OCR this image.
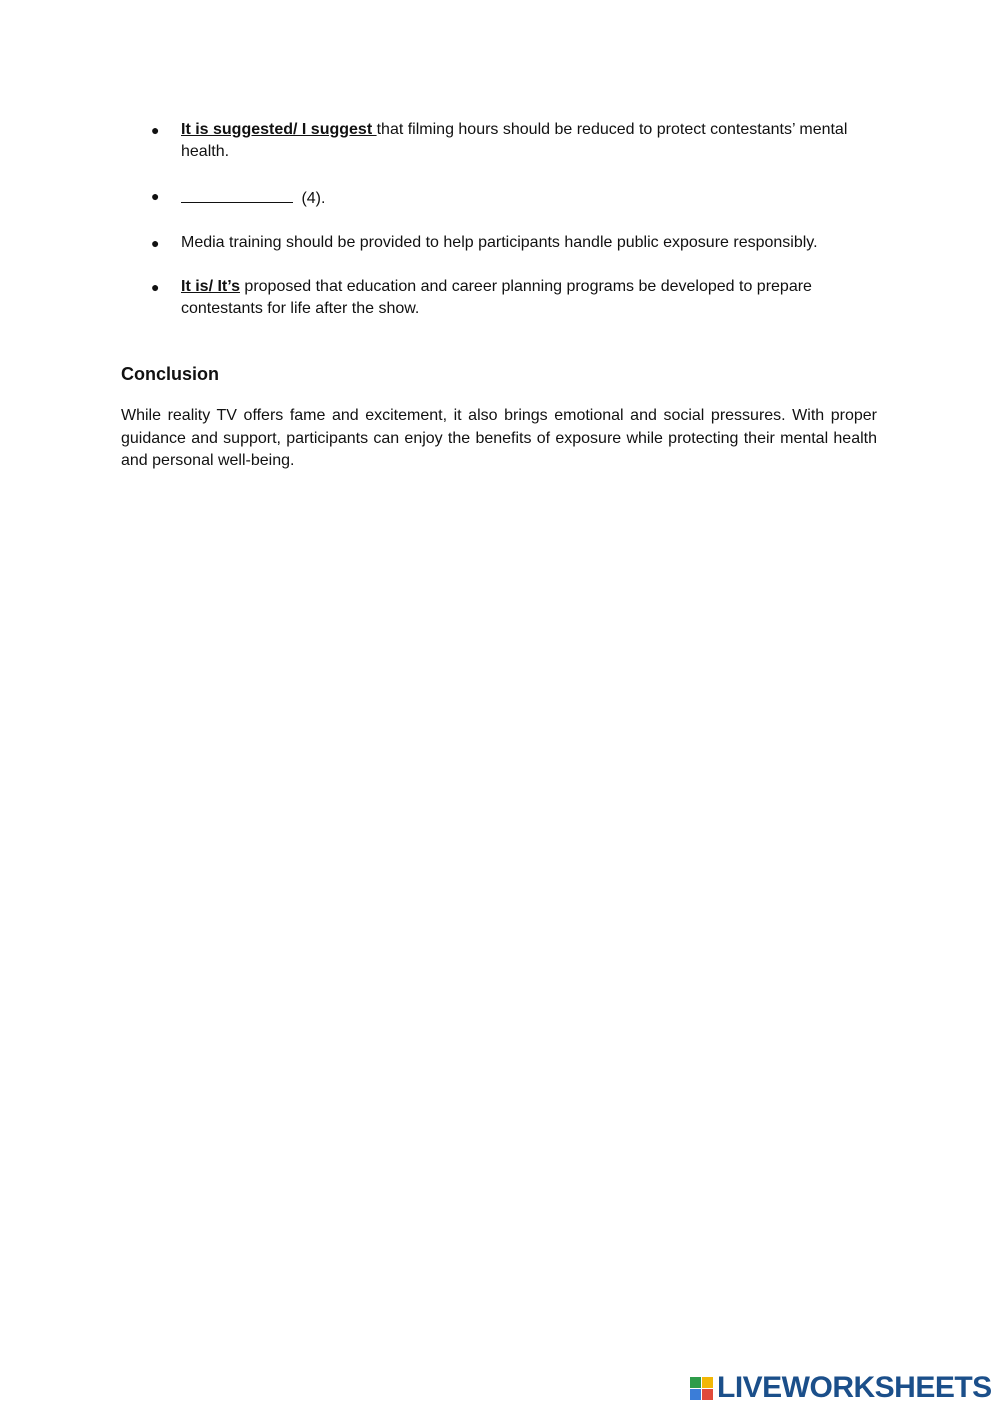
● It is suggested/ I suggest that filming hours should be reduced to protect contestants’ mental health.
●	(4).
● Media training should be provided to help participants handle public exposure responsibly.
● It is/ It’s proposed that education and career planning programs be developed to prepare contestants for life after the show.
Conclusion

While reality TV offers fame and excitement, it also brings emotional and social pressures. With proper guidance and support, participants can enjoy the benefits of exposure while protecting their mental health and personal well-being.

LIVEWORKSHEETS
